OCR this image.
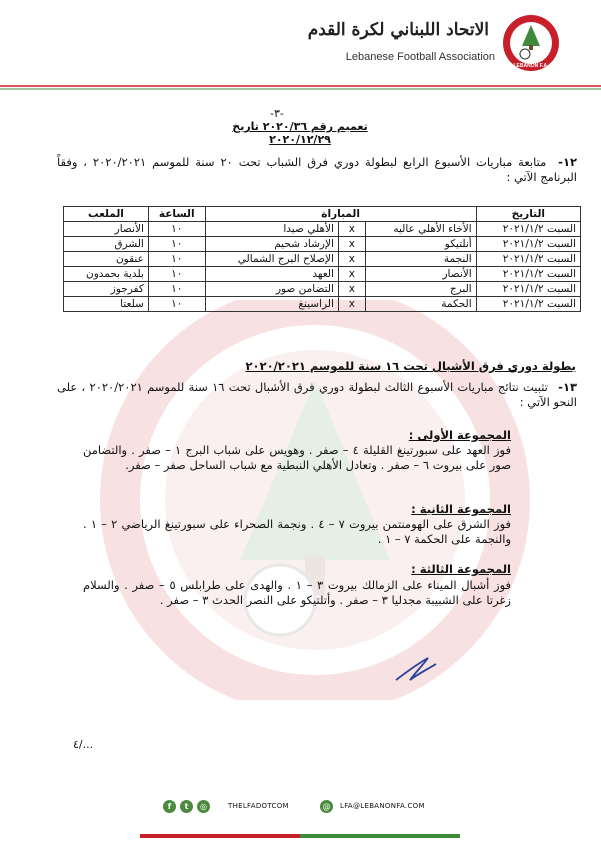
LEBANON F.A.
الاتحاد اللبناني لكرة القدم
Lebanese Football Association
-٣-
تعميم رقم ٢٠٢٠/٣٦ تاريخ ٢٠٢٠/١٢/٢٩
١٢- متابعة مباريات الأسبوع الرابع لبطولة دوري فرق الشباب تحت ٢٠ سنة للموسم ٢٠٢٠/٢٠٢١ ، وفقاً البرنامج الآتي :
التاريخ	المباراة			الساعة	الملعب
السبت ٢٠٢١/١/٢	الأخاء الأهلي عاليه	x	الأهلي صيدا	١٠	الأنصار
السبت ٢٠٢١/١/٢	أنلتيكو	x	الإرشاد شحيم	١٠	الشرق
السبت ٢٠٢١/١/٢	النجمة	x	الإصلاح البرج الشمالي	١٠	عنقون
السبت ٢٠٢١/١/٢	الأنصار	x	العهد	١٠	بلدية بحمدون
السبت ٢٠٢١/١/٢	البرج	x	التضامن صور	١٠	كفرجوز
السبت ٢٠٢١/١/٢	الحكمة	x	الراسينغ	١٠	سلعتا
بطولة دوري فرق الأشبال تحت ١٦ سنة للموسم ٢٠٢٠/٢٠٢١
١٣- تثبيت نتائج مباريات الأسبوع الثالث لبطولة دوري فرق الأشبال تحت ١٦ سنة للموسم ٢٠٢٠/٢٠٢١ ، على النحو الآتي :
المجموعة الأولى :
فوز العهد على سبورتينغ القليلة ٤ – صفر . وهويس على شباب البرج ١ – صفر . والتضامن صور على بيروت ٦ – صفر . وتعادل الأهلي النبطية مع شباب الساحل صفر – صفر.
المجموعة الثانية :
فوز الشرق على الهومنتمن بيروت ٧ – ٤ . ونجمة الصحراء على سبورتينغ الرياضي ٢ – ١ . والنجمة على الحكمة ٧ – ١ .
المجموعة الثالثة :
فوز أشبال الميناء على الزمالك بيروت ٣ – ١ . والهدى على طرابلس ٥ – صفر . والسلام زغرتا على الشبيبة مجدليا ٣ – صفر . وأتلتيكو على النصر الحدث ٣ – صفر .
٤/...
f	t	◎	THELFADOTCOM	@	LFA@LEBANONFA.COM
